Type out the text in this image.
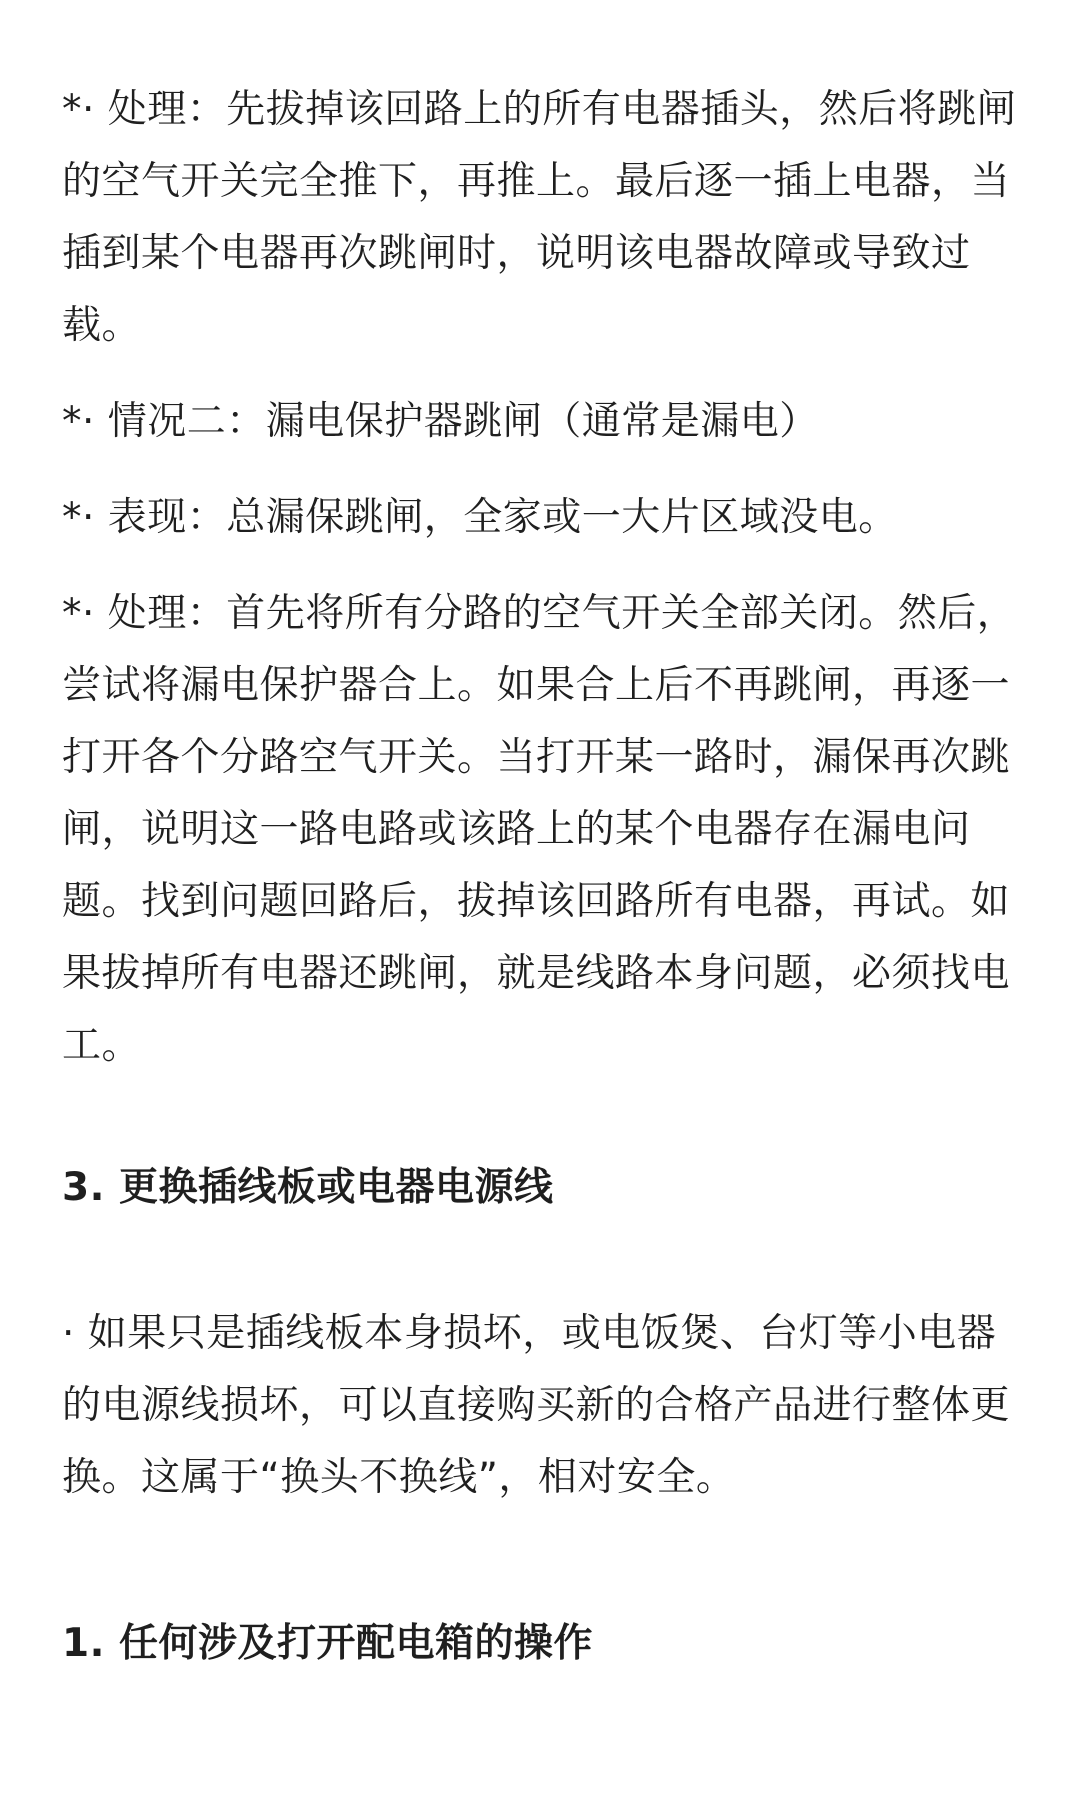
*· 处理：先拔掉该回路上的所有电器插头，然后将跳闸的空气开关完全推下，再推上。最后逐一插上电器，当插到某个电器再次跳闸时，说明该电器故障或导致过载。

*· 情况二：漏电保护器跳闸（通常是漏电）

*· 表现：总漏保跳闸，全家或一大片区域没电。

*· 处理：首先将所有分路的空气开关全部关闭。然后，尝试将漏电保护器合上。如果合上后不再跳闸，再逐一打开各个分路空气开关。当打开某一路时，漏保再次跳闸，说明这一路电路或该路上的某个电器存在漏电问题。找到问题回路后，拔掉该回路所有电器，再试。如果拔掉所有电器还跳闸，就是线路本身问题，必须找电工。

3. 更换插线板或电器电源线

· 如果只是插线板本身损坏，或电饭煲、台灯等小电器的电源线损坏，可以直接购买新的合格产品进行整体更换。这属于“换头不换线”，相对安全。

1. 任何涉及打开配电箱的操作
